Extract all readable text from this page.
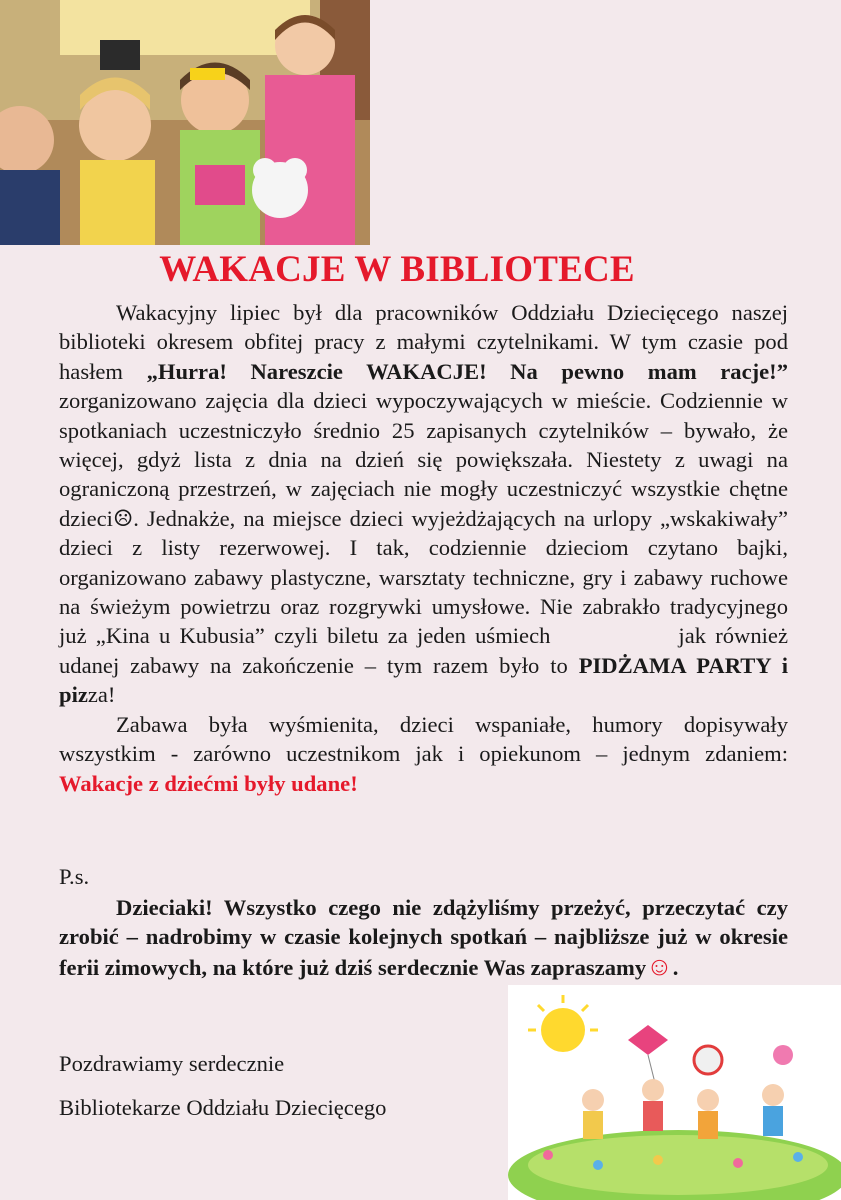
WAKACJE W BIBLIOTECE

Wakacyjny lipiec był dla pracowników Oddziału Dziecięcego naszej biblioteki okresem obfitej pracy z małymi czytelnikami. W tym czasie pod hasłem „Hurra! Nareszcie WAKACJE! Na pewno mam racje!” zorganizowano zajęcia dla dzieci wypoczywających w mieście. Codziennie w spotkaniach uczestniczyło średnio 25 zapisanych czytelników – bywało, że więcej, gdyż lista z dnia na dzień się powiększała. Niestety z uwagi na ograniczoną przestrzeń, w zajęciach nie mogły uczestniczyć wszystkie chętne dzieci☹. Jednakże, na miejsce dzieci wyjeżdżających na urlopy „wskakiwały” dzieci z listy rezerwowej. I tak, codziennie dzieciom czytano bajki, organizowano zabawy plastyczne, warsztaty techniczne, gry i zabawy ruchowe na świeżym powietrzu oraz rozgrywki umysłowe. Nie zabrakło tradycyjnego już „Kina u Kubusia” czyli biletu za jeden uśmiech	jak również udanej zabawy na zakończenie – tym razem było to PIDŻAMA PARTY i pizza!

Zabawa była wyśmienita, dzieci wspaniałe, humory dopisywały wszystkim - zarówno uczestnikom jak i opiekunom – jednym zdaniem: Wakacje z dziećmi były udane!

P.s.

Dzieciaki! Wszystko czego nie zdążyliśmy przeżyć, przeczytać czy zrobić – nadrobimy w czasie kolejnych spotkań – najbliższe już w okresie ferii zimowych, na które już dziś serdecznie Was zapraszamy☺.

Pozdrawiamy serdecznie
Bibliotekarze Oddziału Dziecięcego
